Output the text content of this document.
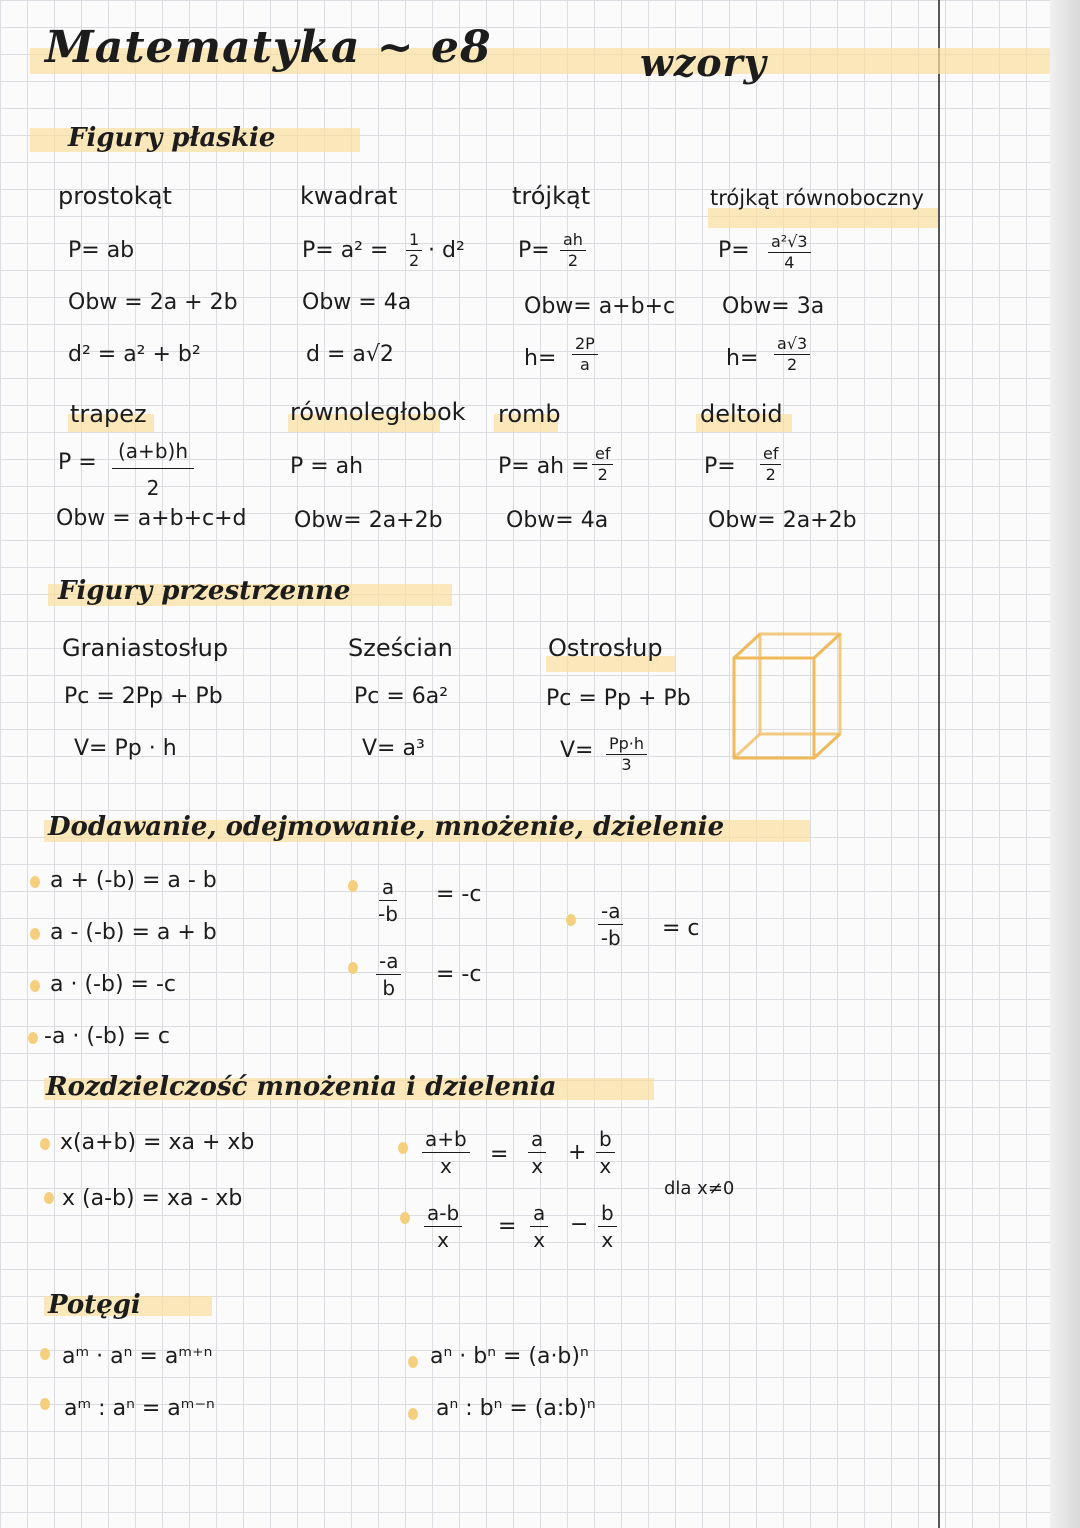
Matematyka ~ e8	wzory
Figury płaskie
prostokąt
P= ab
Obw = 2a + 2b
d² = a² + b²
kwadrat
$P= a^2 = \frac{1}{2} \cdot d^2$
Obw = 4a
d = a√2
trójkąt
$P= \frac{ah}{2}$
Obw= a+b+c
$h= \frac{2P}{a}$
trójkąt równoboczny
$P= \frac{\text{a²√3}}{4}$
Obw= 3a
$h= \frac{a√3}{2}$
trapez
$P = \frac{(a+b)h}{2}$
Obw = a+b+c+d
równoległobok
P = ah
Obw= 2a+2b
romb
P= ah = $\frac{ef}{2}$
Obw= 4a
deltoid
$P= \frac{ef}{2}$
Obw= 2a+2b
Figury przestrzenne
Graniastosłup
Pc = 2Pp + Pb
V= Pp · h
Sześcian
Pc = 6a²
V= a³
Ostrosłup
Pc = Pp + Pb
$V= \frac{Pp\cdot h}{3}$
Dodawanie, odejmowanie, mnożenie, dzielenie
a + (-b) = a - b
a - (-b) = a + b
a · (-b) = -c
-a · (-b) = c
$\frac{a}{-b} = -c$
$\frac{-a}{b} = -c$
$\frac{-a}{-b} = c$
Rozdzielczość mnożenia i dzielenia
x(a+b) = xa + xb
x (a-b) = xa - xb
$\frac{a+b}{x} = \frac{a}{x} + \frac{b}{x}$
$\frac{a-b}{x} = \frac{a}{x} - \frac{b}{x}$
dla x≠0
Potęgi
aᵐ · aⁿ = aᵐ⁺ⁿ
aᵐ : aⁿ = aᵐ⁻ⁿ
aⁿ · bⁿ = (a·b)ⁿ
aⁿ : bⁿ = (a:b)ⁿ
